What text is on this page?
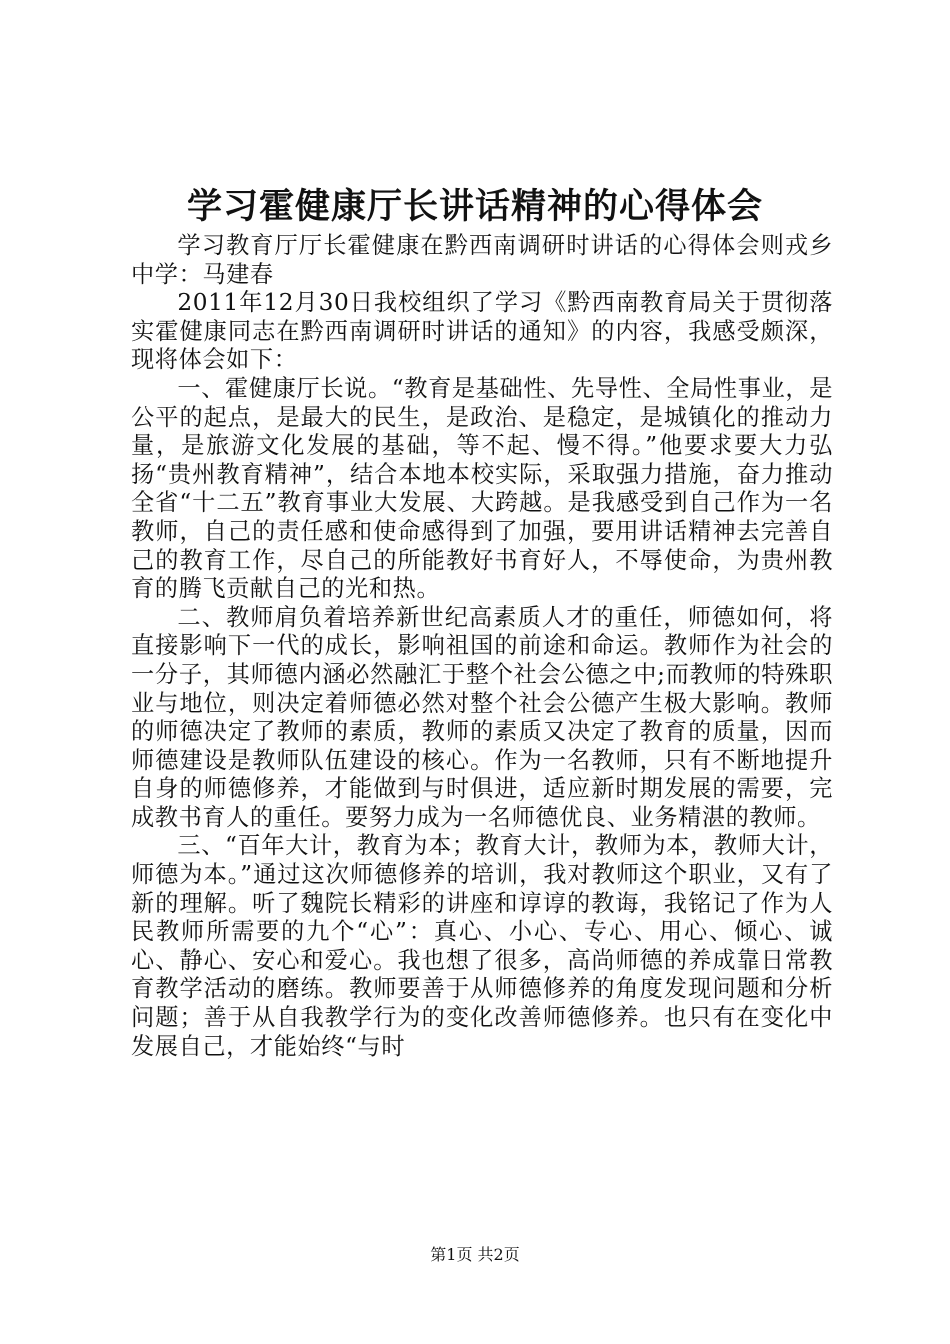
学习霍健康厅长讲话精神的心得体会

学习教育厅厅长霍健康在黔西南调研时讲话的心得体会则戎乡中学：马建春

2011年12月30日我校组织了学习《黔西南教育局关于贯彻落实霍健康同志在黔西南调研时讲话的通知》的内容，我感受颇深，现将体会如下：

一、霍健康厅长说。“教育是基础性、先导性、全局性事业，是公平的起点，是最大的民生，是政治、是稳定，是城镇化的推动力量，是旅游文化发展的基础，等不起、慢不得。”他要求要大力弘扬“贵州教育精神”，结合本地本校实际，采取强力措施，奋力推动全省“十二五”教育事业大发展、大跨越。是我感受到自己作为一名教师，自己的责任感和使命感得到了加强，要用讲话精神去完善自己的教育工作，尽自己的所能教好书育好人，不辱使命，为贵州教育的腾飞贡献自己的光和热。

二、教师肩负着培养新世纪高素质人才的重任，师德如何，将直接影响下一代的成长，影响祖国的前途和命运。教师作为社会的一分子，其师德内涵必然融汇于整个社会公德之中;而教师的特殊职业与地位，则决定着师德必然对整个社会公德产生极大影响。教师的师德决定了教师的素质，教师的素质又决定了教育的质量，因而师德建设是教师队伍建设的核心。作为一名教师，只有不断地提升自身的师德修养，才能做到与时俱进，适应新时期发展的需要，完成教书育人的重任。要努力成为一名师德优良、业务精湛的教师。

三、“百年大计，教育为本；教育大计，教师为本，教师大计，师德为本。”通过这次师德修养的培训，我对教师这个职业，又有了新的理解。听了魏院长精彩的讲座和谆谆的教诲，我铭记了作为人民教师所需要的九个“心”：真心、小心、专心、用心、倾心、诚心、静心、安心和爱心。我也想了很多，高尚师德的养成靠日常教育教学活动的磨练。教师要善于从师德修养的角度发现问题和分析问题；善于从自我教学行为的变化改善师德修养。也只有在变化中发展自己，才能始终“与时

第1页 共2页
